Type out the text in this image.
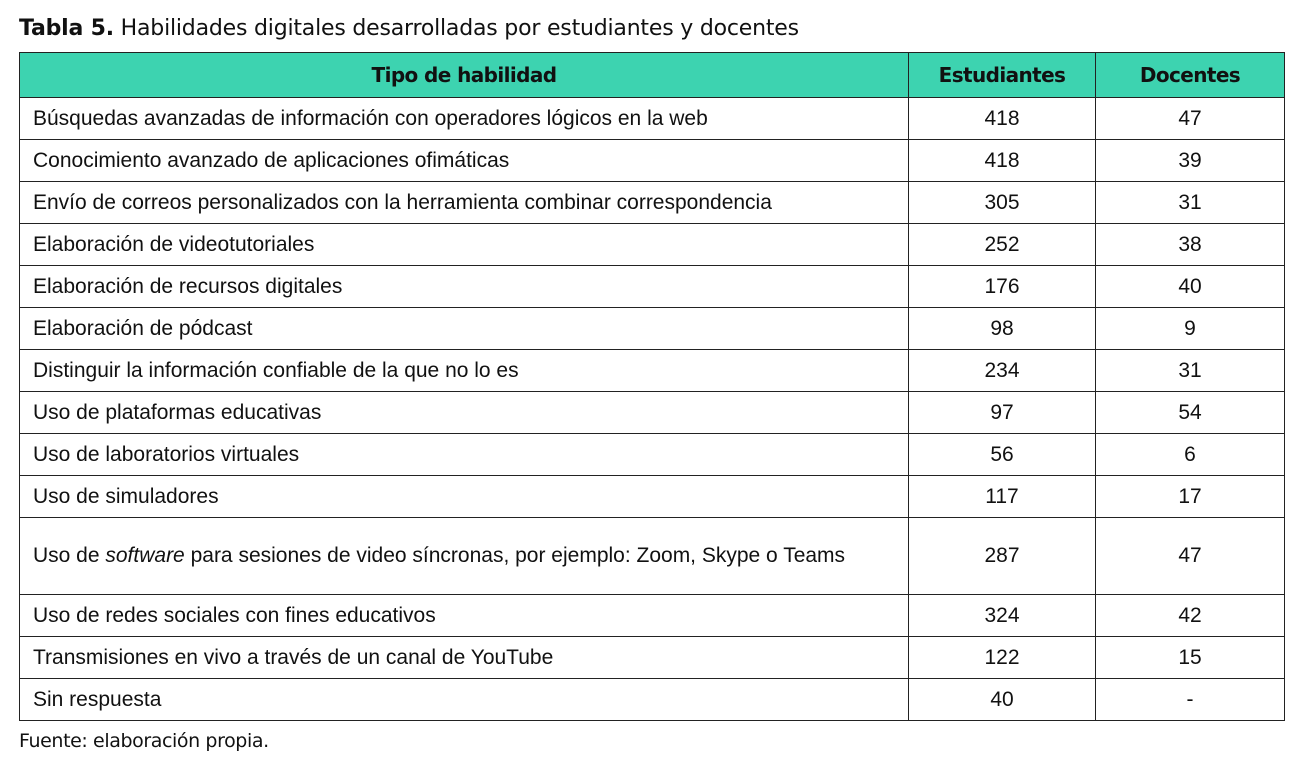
Tabla 5. Habilidades digitales desarrolladas por estudiantes y docentes
Tipo de habilidad	Estudiantes	Docentes
Búsquedas avanzadas de información con operadores lógicos en la web	418	47
Conocimiento avanzado de aplicaciones ofimáticas	418	39
Envío de correos personalizados con la herramienta combinar correspondencia	305	31
Elaboración de videotutoriales	252	38
Elaboración de recursos digitales	176	40
Elaboración de pódcast	98	9
Distinguir la información confiable de la que no lo es	234	31
Uso de plataformas educativas	97	54
Uso de laboratorios virtuales	56	6
Uso de simuladores	117	17
Uso de software para sesiones de video síncronas, por ejemplo: Zoom, Skype o Teams	287	47
Uso de redes sociales con fines educativos	324	42
Transmisiones en vivo a través de un canal de YouTube	122	15
Sin respuesta	40	-
Fuente: elaboración propia.
